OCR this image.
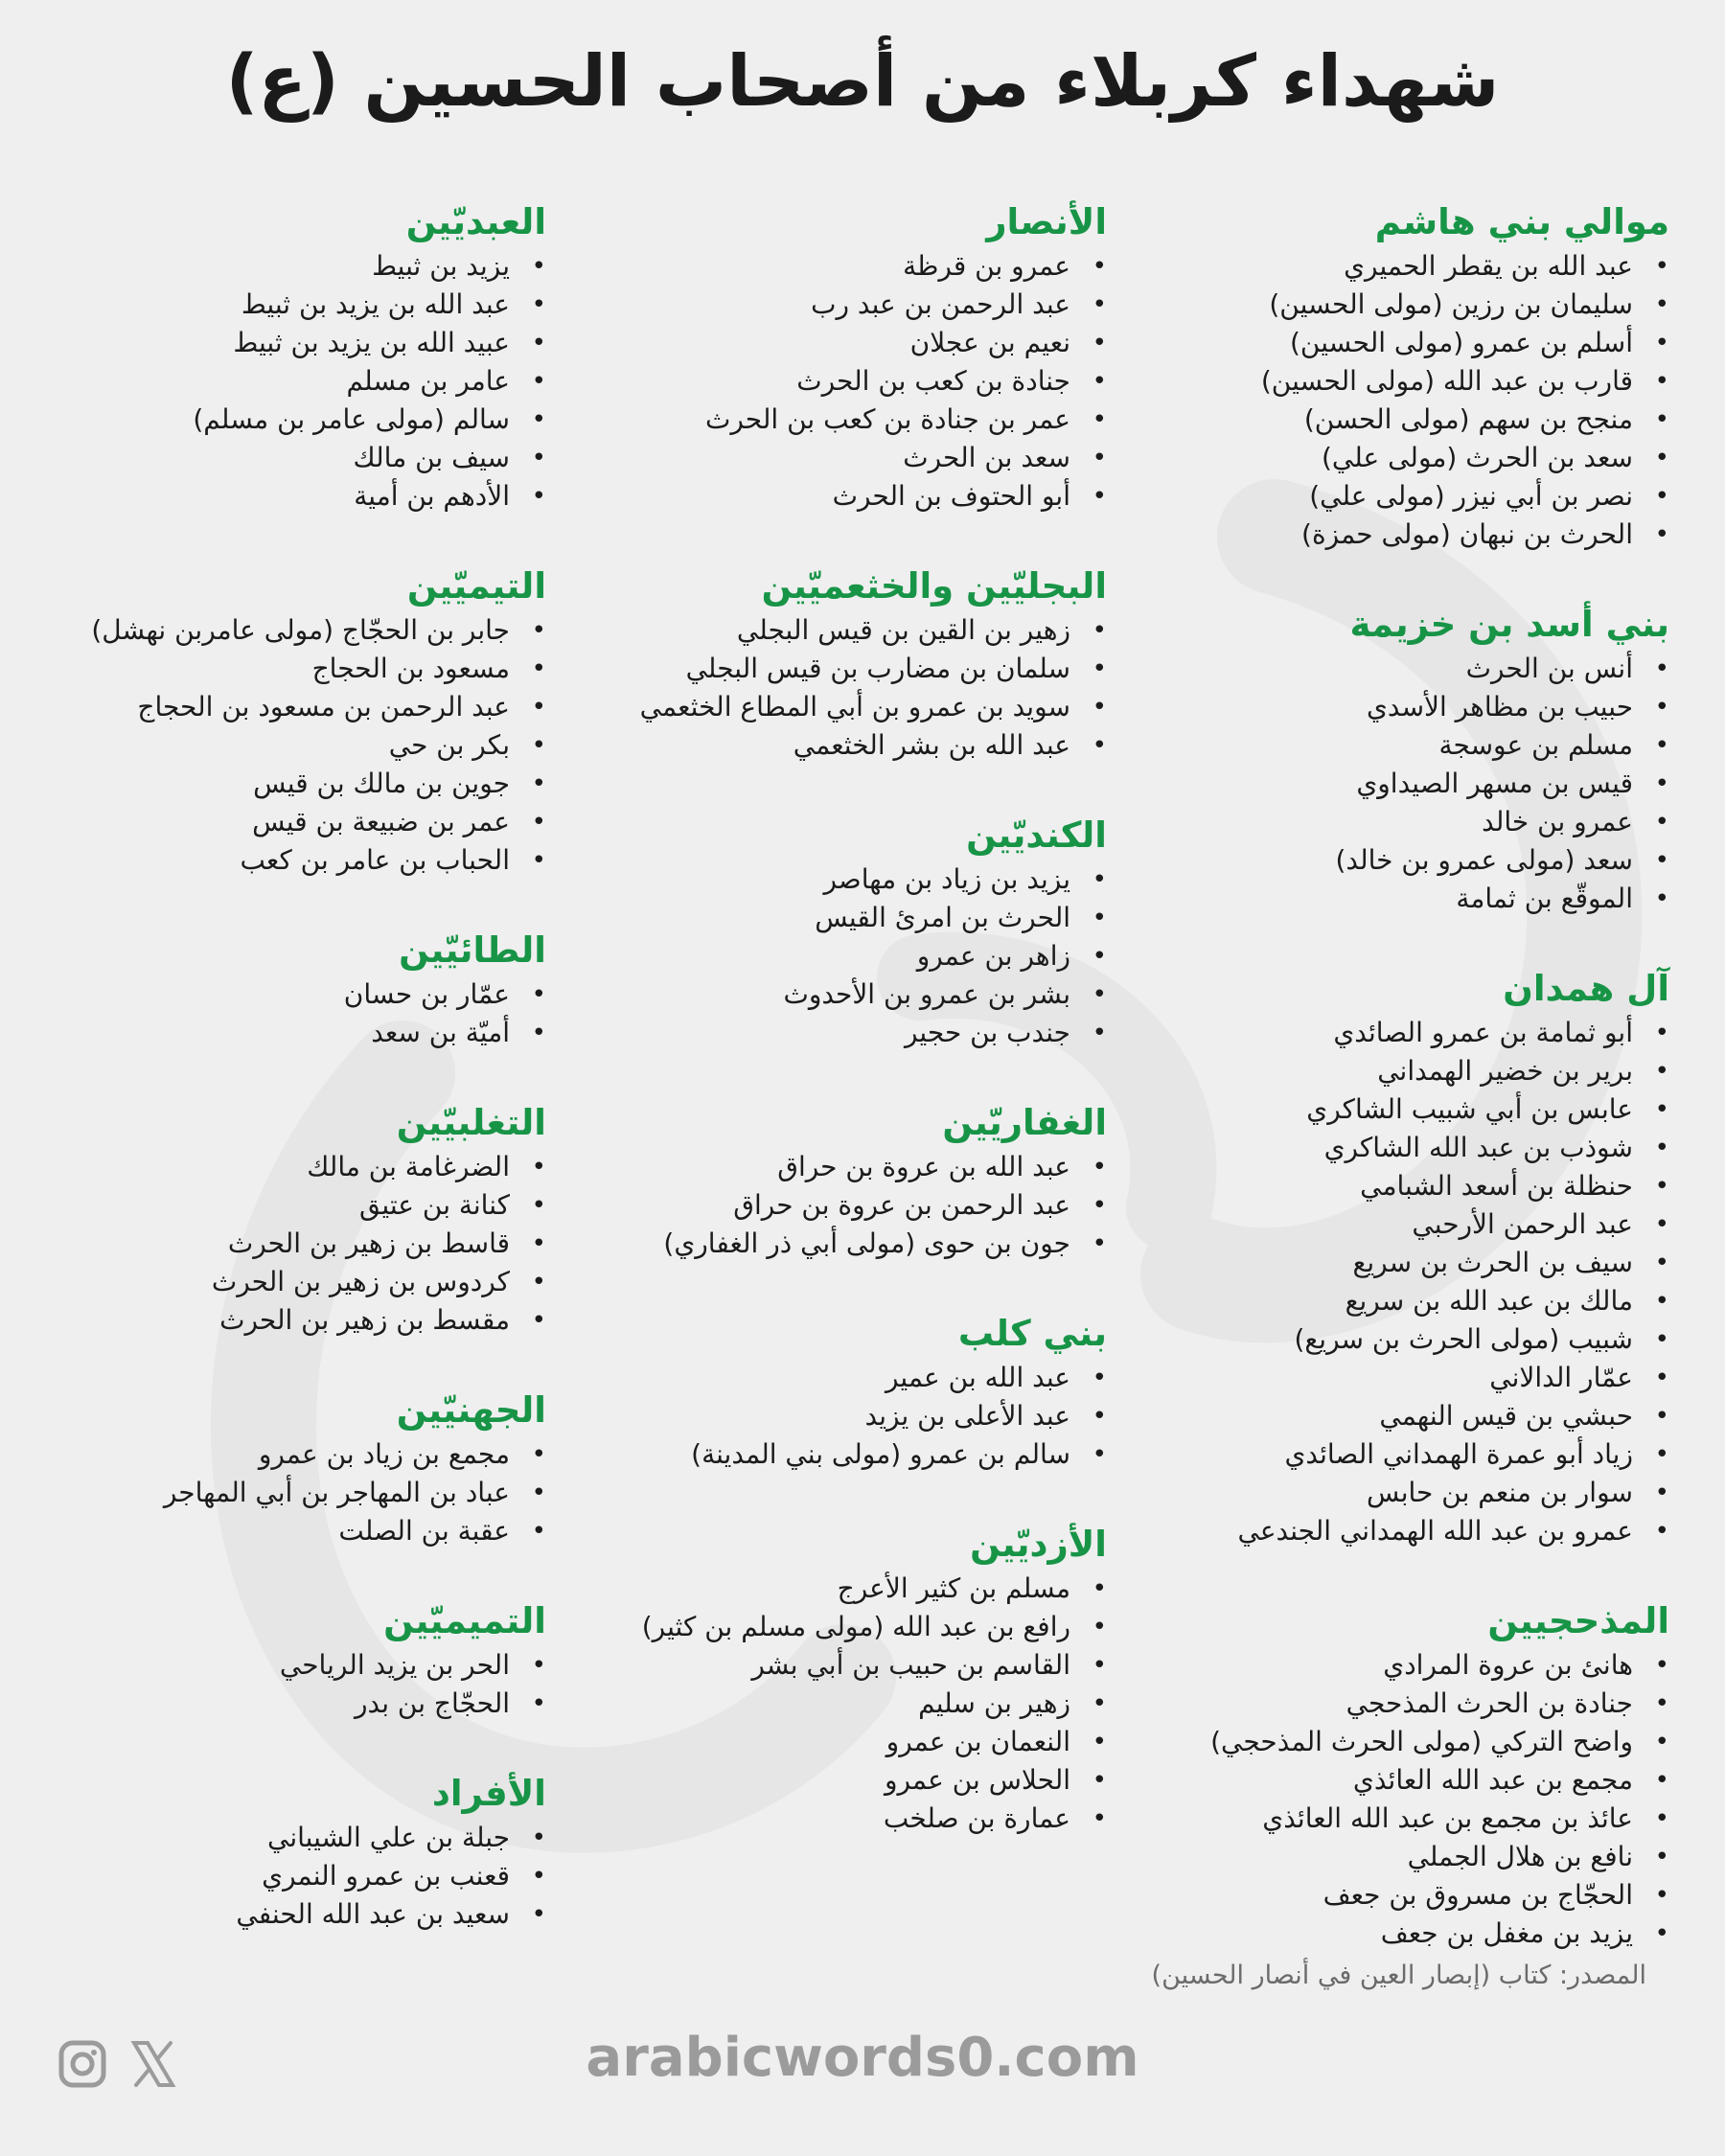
شهداء كربلاء من أصحاب الحسين (ع)
موالي بني هاشم
• عبد الله بن يقطر الحميري
• سليمان بن رزين (مولى الحسين)
• أسلم بن عمرو (مولى الحسين)
• قارب بن عبد الله (مولى الحسين)
• منجح بن سهم (مولى الحسن)
• سعد بن الحرث (مولى علي)
• نصر بن أبي نيزر (مولى علي)
• الحرث بن نبهان (مولى حمزة)
بني أسد بن خزيمة
• أنس بن الحرث
• حبيب بن مظاهر الأسدي
• مسلم بن عوسجة
• قيس بن مسهر الصيداوي
• عمرو بن خالد
• سعد (مولى عمرو بن خالد)
• الموقّع بن ثمامة
آل همدان
• أبو ثمامة بن عمرو الصائدي
• برير بن خضير الهمداني
• عابس بن أبي شبيب الشاكري
• شوذب بن عبد الله الشاكري
• حنظلة بن أسعد الشبامي
• عبد الرحمن الأرحبي
• سيف بن الحرث بن سريع
• مالك بن عبد الله بن سريع
• شبيب (مولى الحرث بن سريع)
• عمّار الدالاني
• حبشي بن قيس النهمي
• زياد أبو عمرة الهمداني الصائدي
• سوار بن منعم بن حابس
• عمرو بن عبد الله الهمداني الجندعي
المذحجيين
• هانئ بن عروة المرادي
• جنادة بن الحرث المذحجي
• واضح التركي (مولى الحرث المذحجي)
• مجمع بن عبد الله العائذي
• عائذ بن مجمع بن عبد الله العائذي
• نافع بن هلال الجملي
• الحجّاج بن مسروق بن جعف
• يزيد بن مغفل بن جعف
الأنصار
• عمرو بن قرظة
• عبد الرحمن بن عبد رب
• نعيم بن عجلان
• جنادة بن كعب بن الحرث
• عمر بن جنادة بن كعب بن الحرث
• سعد بن الحرث
• أبو الحتوف بن الحرث
البجليّين والخثعميّين
• زهير بن القين بن قيس البجلي
• سلمان بن مضارب بن قيس البجلي
• سويد بن عمرو بن أبي المطاع الخثعمي
• عبد الله بن بشر الخثعمي
الكنديّين
• يزيد بن زياد بن مهاصر
• الحرث بن امرئ القيس
• زاهر بن عمرو
• بشر بن عمرو بن الأحدوث
• جندب بن حجير
الغفاريّين
• عبد الله بن عروة بن حراق
• عبد الرحمن بن عروة بن حراق
• جون بن حوى (مولى أبي ذر الغفاري)
بني كلب
• عبد الله بن عمير
• عبد الأعلى بن يزيد
• سالم بن عمرو (مولى بني المدينة)
الأزديّين
• مسلم بن كثير الأعرج
• رافع بن عبد الله (مولى مسلم بن كثير)
• القاسم بن حبيب بن أبي بشر
• زهير بن سليم
• النعمان بن عمرو
• الحلاس بن عمرو
• عمارة بن صلخب
العبديّين
• يزيد بن ثبيط
• عبد الله بن يزيد بن ثبيط
• عبيد الله بن يزيد بن ثبيط
• عامر بن مسلم
• سالم (مولى عامر بن مسلم)
• سيف بن مالك
• الأدهم بن أمية
التيميّين
• جابر بن الحجّاج (مولى عامربن نهشل)
• مسعود بن الحجاج
• عبد الرحمن بن مسعود بن الحجاج
• بكر بن حي
• جوين بن مالك بن قيس
• عمر بن ضبيعة بن قيس
• الحباب بن عامر بن كعب
الطائيّين
• عمّار بن حسان
• أميّة بن سعد
التغلبيّين
• الضرغامة بن مالك
• كنانة بن عتيق
• قاسط بن زهير بن الحرث
• كردوس بن زهير بن الحرث
• مقسط بن زهير بن الحرث
الجهنيّين
• مجمع بن زياد بن عمرو
• عباد بن المهاجر بن أبي المهاجر
• عقبة بن الصلت
التميميّين
• الحر بن يزيد الرياحي
• الحجّاج بن بدر
الأفراد
• جبلة بن علي الشيباني
• قعنب بن عمرو النمري
• سعيد بن عبد الله الحنفي
المصدر: كتاب (إبصار العين في أنصار الحسين)
arabicwords0.com
